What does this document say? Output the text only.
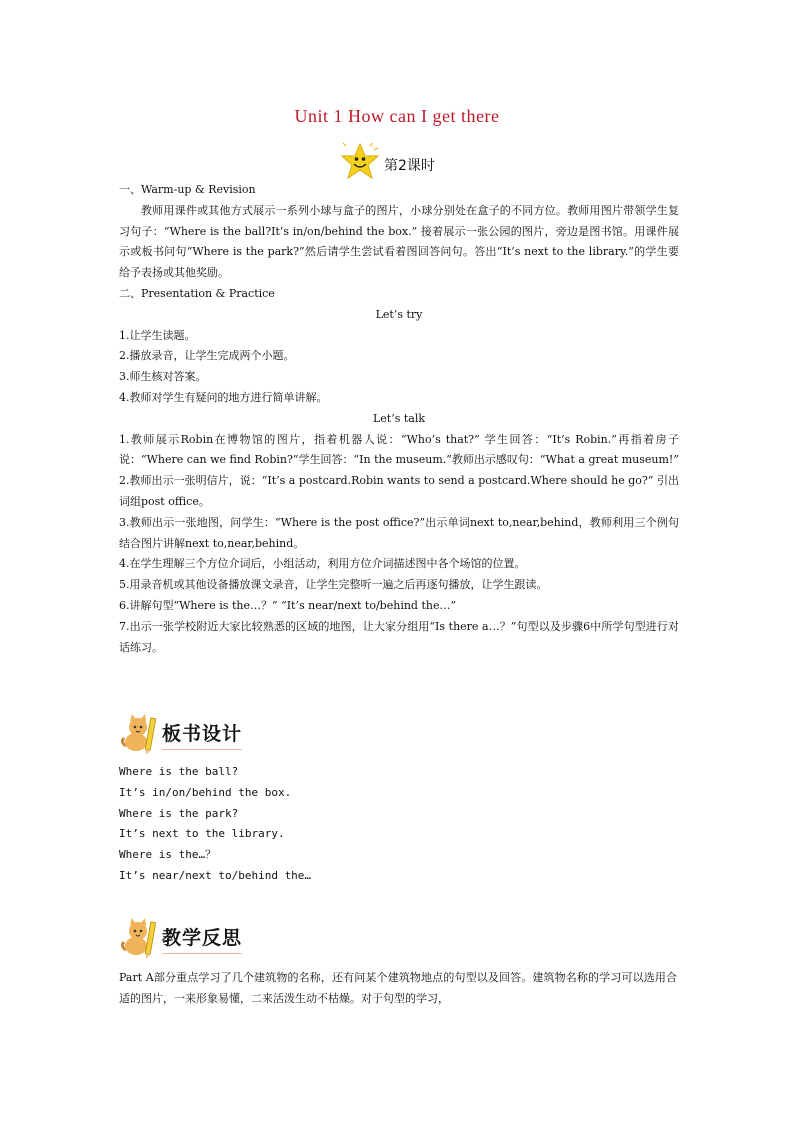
Unit 1 How can I get there
第2课时

一、Warm-up & Revision

教师用课件或其他方式展示一系列小球与盒子的图片，小球分别处在盒子的不同方位。教师用图片带领学生复习句子：“Where is the ball?It’s in/on/behind the box.” 接着展示一张公园的图片，旁边是图书馆。用课件展示或板书问句“Where is the park?”然后请学生尝试看着图回答问句。答出“It’s next to the library.”的学生要给予表扬或其他奖励。

二、Presentation & Practice

Let’s try

1.让学生读题。

2.播放录音，让学生完成两个小题。

3.师生核对答案。

4.教师对学生有疑问的地方进行简单讲解。

Let’s talk

1.教师展示Robin在博物馆的图片，指着机器人说：“Who’s that?” 学生回答：“It’s Robin.”再指着房子说：“Where can we find Robin?”学生回答：“In the museum.”教师出示感叹句：“What a great museum!”

2.教师出示一张明信片，说：“It’s a postcard.Robin wants to send a postcard.Where should he go?” 引出词组post office。

3.教师出示一张地图，问学生：“Where is the post office?”出示单词next to,near,behind，教师利用三个例句结合图片讲解next to,near,behind。

4.在学生理解三个方位介词后，小组活动，利用方位介词描述图中各个场馆的位置。

5.用录音机或其他设备播放课文录音，让学生完整听一遍之后再逐句播放，让学生跟读。

6.讲解句型“Where is the…？” “It’s near/next to/behind the…”

7.出示一张学校附近大家比较熟悉的区域的地图，让大家分组用“Is there a…？”句型以及步骤6中所学句型进行对话练习。

板书设计
Where is the ball?
It’s in/on/behind the box.
Where is the park?
It’s next to the library.
Where is the…？
It’s near/next to/behind the…
教学反思
Part A部分重点学习了几个建筑物的名称，还有问某个建筑物地点的句型以及回答。建筑物名称的学习可以选用合适的图片，一来形象易懂，二来活泼生动不枯燥。对于句型的学习，
